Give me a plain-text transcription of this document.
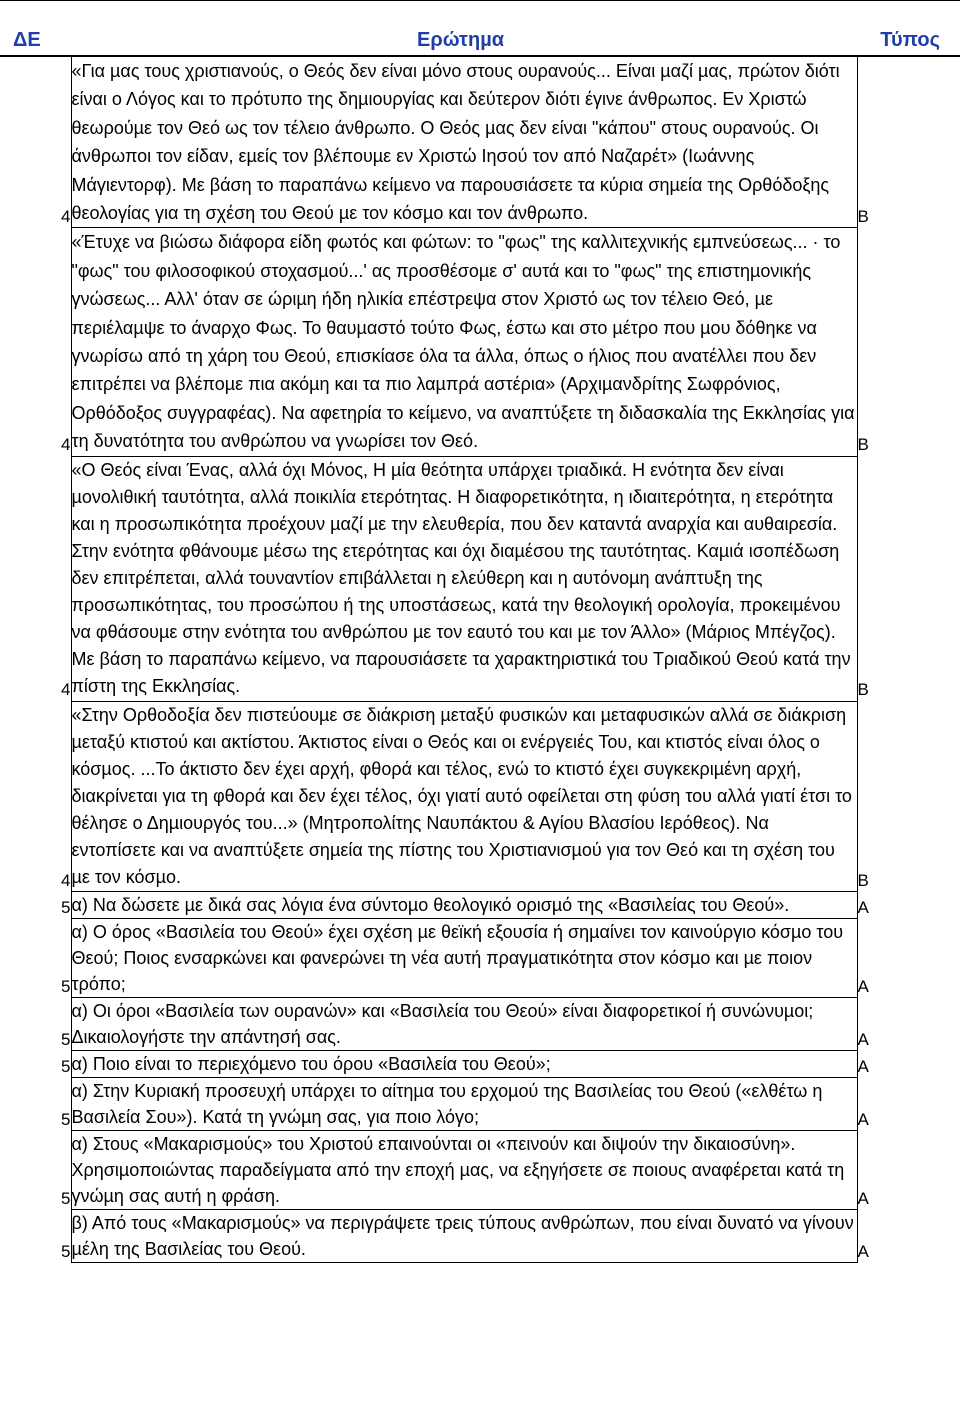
ΔΕ	Ερώτηµα	Τύπος
4	«Για µας τους χριστιανούς, ο Θεός δεν είναι µόνο στους ουρανούς... Είναι µαζί µας, πρώτον διότι είναι ο Λόγος και το πρότυπο της δηµιουργίας και δεύτερον διότι έγινε άνθρωπος. Εν Χριστώ θεωρούµε τον Θεό ως τον τέλειο άνθρωπο. Ο Θεός µας δεν είναι "κάπου" στους ουρανούς. Οι άνθρωποι τον είδαν, εµείς τον βλέπουµε εν Χριστώ Ιησού τον από Ναζαρέτ» (Ιωάννης Μάγιεντορφ). Με βάση το παραπάνω κείµενο να παρουσιάσετε τα κύρια σηµεία της Ορθόδοξης θεολογίας για τη σχέση του Θεού µε τον κόσµο και τον άνθρωπο.	Β
4	«Έτυχε να βιώσω διάφορα είδη φωτός και φώτων: το "φως" της καλλιτεχνικής εµπνεύσεως... · το "φως" του φιλοσοφικού στοχασµού...' ας προσθέσοµε σ' αυτά και το "φως" της επιστηµονικής γνώσεως... Αλλ' όταν σε ώριµη ήδη ηλικία επέστρεψα στον Χριστό ως τον τέλειο Θεό, µε περιέλαµψε το άναρχο Φως. Το θαυµαστό τούτο Φως, έστω και στο µέτρο που µου δόθηκε να γνωρίσω από τη χάρη του Θεού, επισκίασε όλα τα άλλα, όπως ο ήλιος που ανατέλλει που δεν επιτρέπει να βλέποµε πια ακόµη και τα πιο λαµπρά αστέρια» (Αρχιµανδρίτης Σωφρόνιος, Ορθόδοξος συγγραφέας). Να αφετηρία το κείµενο, να αναπτύξετε τη διδασκαλία της Εκκλησίας για τη δυνατότητα του ανθρώπου να γνωρίσει τον Θεό.	Β
4	«Ο Θεός είναι Ένας, αλλά όχι Μόνος, Η µία θεότητα υπάρχει τριαδικά. Η ενότητα δεν είναι µονολιθική ταυτότητα, αλλά ποικιλία ετερότητας. Η διαφορετικότητα, η ιδιαιτερότητα, η ετερότητα και η προσωπικότητα προέχουν µαζί µε την ελευθερία, που δεν καταντά αναρχία και αυθαιρεσία. Στην ενότητα φθάνουµε µέσω της ετερότητας και όχι διαµέσου της ταυτότητας. Καµιά ισοπέδωση δεν επιτρέπεται, αλλά τουναντίον επιβάλλεται η ελεύθερη και η αυτόνοµη ανάπτυξη της προσωπικότητας, του προσώπου ή της υποστάσεως, κατά την θεολογική ορολογία, προκειµένου να φθάσουµε στην ενότητα του ανθρώπου µε τον εαυτό του και µε τον Άλλο» (Μάριος Μπέγζος). Με βάση το παραπάνω κείµενο, να παρουσιάσετε τα χαρακτηριστικά του Τριαδικού Θεού κατά την πίστη της Εκκλησίας.	Β
4	«Στην Ορθοδοξία δεν πιστεύουµε σε διάκριση µεταξύ φυσικών και µεταφυσικών αλλά σε διάκριση µεταξύ κτιστού και ακτίστου. Άκτιστος είναι ο Θεός και οι ενέργειές Του, και κτιστός είναι όλος ο κόσµος. ...Το άκτιστο δεν έχει αρχή, φθορά και τέλος, ενώ το κτιστό έχει συγκεκριµένη αρχή, διακρίνεται για τη φθορά και δεν έχει τέλος, όχι γιατί αυτό οφείλεται στη φύση του αλλά γιατί έτσι το θέλησε ο Δηµιουργός του...» (Μητροπολίτης Ναυπάκτου & Αγίου Βλασίου Ιερόθεος). Να εντοπίσετε και να αναπτύξετε σηµεία της πίστης του Χριστιανισµού για τον Θεό και τη σχέση του µε τον κόσµο.	Β
5	α) Να δώσετε µε δικά σας λόγια ένα σύντοµο θεολογικό ορισµό της «Βασιλείας του Θεού».	Α
5	α) Ο όρος «Βασιλεία του Θεού» έχει σχέση µε θεϊκή εξουσία ή σηµαίνει τον καινούργιο κόσµο του Θεού; Ποιος ενσαρκώνει και φανερώνει τη νέα αυτή πραγµατικότητα στον κόσµο και µε ποιον τρόπο;	Α
5	α) Οι όροι «Βασιλεία των ουρανών» και «Βασιλεία του Θεού» είναι διαφορετικοί ή συνώνυµοι; Δικαιολογήστε την απάντησή σας.	Α
5	α) Ποιο είναι το περιεχόµενο του όρου «Βασιλεία του Θεού»;	Α
5	α) Στην Κυριακή προσευχή υπάρχει το αίτηµα του ερχοµού της Βασιλείας του Θεού («ελθέτω η Βασιλεία Σου»). Κατά τη γνώµη σας, για ποιο λόγο;	Α
5	α) Στους «Μακαρισµούς» του Χριστού επαινούνται οι «πεινούν και διψούν την δικαιοσύνη». Χρησιµοποιώντας παραδείγµατα από την εποχή µας, να εξηγήσετε σε ποιους αναφέρεται κατά τη γνώµη σας αυτή η φράση.	Α
5	β) Από τους «Μακαρισµούς» να περιγράψετε τρεις τύπους ανθρώπων, που είναι δυνατό να γίνουν µέλη της Βασιλείας του Θεού.	Α
